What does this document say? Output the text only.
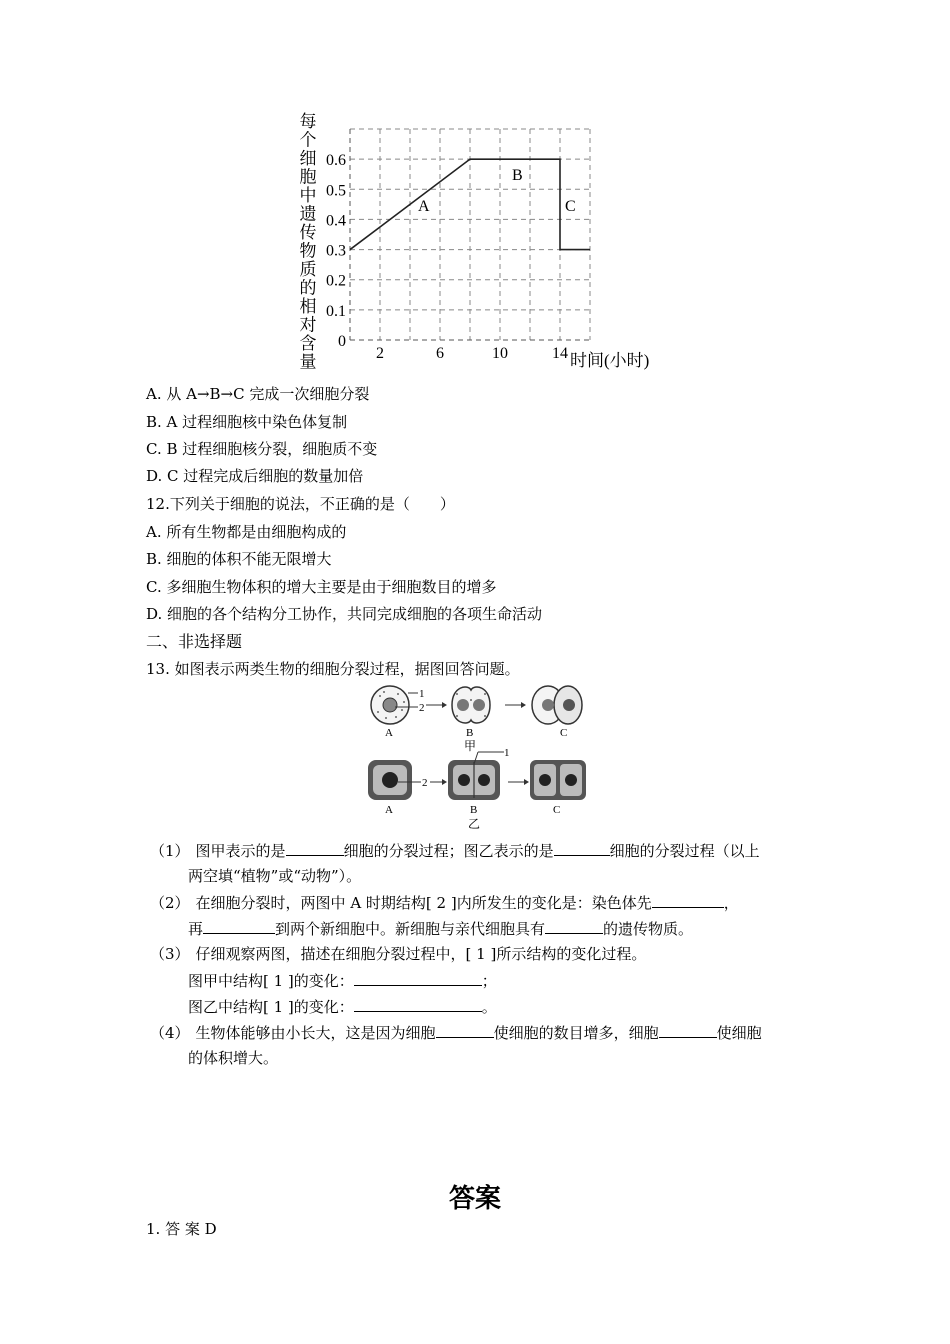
0
0.1
0.2
0.3
0.4
0.5
0.6
2	6	10	14
每
个
细
胞
中
遗
传
物
质
的
相
对
含
量	时间(小时)
A
B
C
A. 从 A→B→C 完成一次细胞分裂
B. A 过程细胞核中染色体复制
C. B 过程细胞核分裂，细胞质不变
D. C 过程完成后细胞的数量加倍
12.下列关于细胞的说法，不正确的是（　　）
A. 所有生物都是由细胞构成的
B. 细胞的体积不能无限增大
C. 多细胞生物体积的增大主要是由于细胞数目的增多
D. 细胞的各个结构分工协作，共同完成细胞的各项生命活动
二、非选择题
13. 如图表示两类生物的细胞分裂过程，据图回答问题。
1
2
A	B	C
甲
2
1
A	B	C
乙
（1） 图甲表示的是	细胞的分裂过程；图乙表示的是	细胞的分裂过程（以上
两空填“植物”或“动物”）。
（2） 在细胞分裂时，两图中 A 时期结构[ 2 ]内所发生的变化是：染色体先	，
再	到两个新细胞中。新细胞与亲代细胞具有	的遗传物质。
（3） 仔细观察两图，描述在细胞分裂过程中，[ 1 ]所示结构的变化过程。
图甲中结构[ 1 ]的变化：	；
图乙中结构[ 1 ]的变化：	。
（4） 生物体能够由小长大，这是因为细胞	使细胞的数目增多，细胞	使细胞
的体积增大。
答案
1. 答 案 D
